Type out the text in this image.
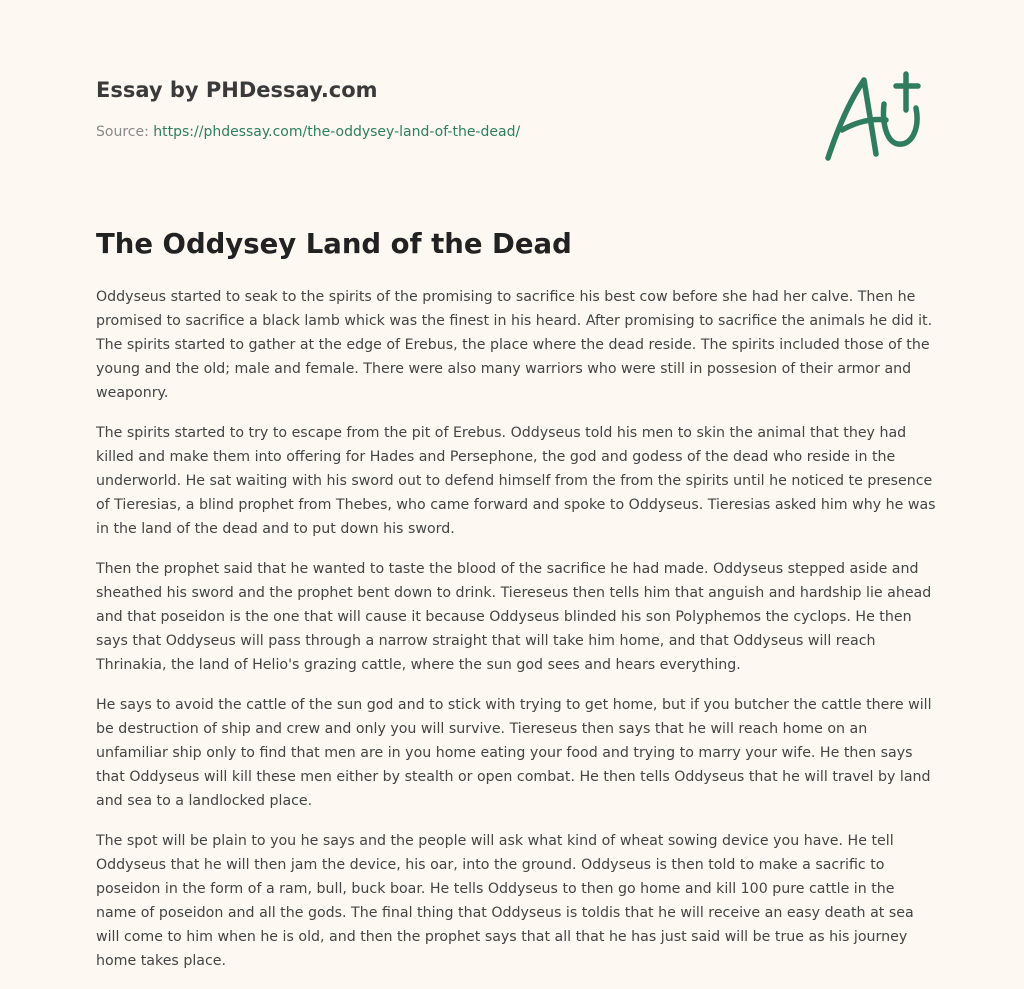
Essay by PHDessay.com
Source: https://phdessay.com/the-oddysey-land-of-the-dead/
The Oddysey Land of the Dead

Oddyseus started to seak to the spirits of the promising to sacrifice his best cow before she had her calve. Then he promised to sacrifice a black lamb whick was the finest in his heard. After promising to sacrifice the animals he did it. The spirits started to gather at the edge of Erebus, the place where the dead reside. The spirits included those of the young and the old; male and female. There were also many warriors who were still in possesion of their armor and weaponry.

The spirits started to try to escape from the pit of Erebus. Oddyseus told his men to skin the animal that they had killed and make them into offering for Hades and Persephone, the god and godess of the dead who reside in the underworld. He sat waiting with his sword out to defend himself from the from the spirits until he noticed te presence of Tieresias, a blind prophet from Thebes, who came forward and spoke to Oddyseus. Tieresias asked him why he was in the land of the dead and to put down his sword.

Then the prophet said that he wanted to taste the blood of the sacrifice he had made. Oddyseus stepped aside and sheathed his sword and the prophet bent down to drink. Tiereseus then tells him that anguish and hardship lie ahead and that poseidon is the one that will cause it because Oddyseus blinded his son Polyphemos the cyclops. He then says that Oddyseus will pass through a narrow straight that will take him home, and that Oddyseus will reach Thrinakia, the land of Helio's grazing cattle, where the sun god sees and hears everything.

He says to avoid the cattle of the sun god and to stick with trying to get home, but if you butcher the cattle there will be destruction of ship and crew and only you will survive. Tiereseus then says that he will reach home on an unfamiliar ship only to find that men are in you home eating your food and trying to marry your wife. He then says that Oddyseus will kill these men either by stealth or open combat. He then tells Oddyseus that he will travel by land and sea to a landlocked place.

The spot will be plain to you he says and the people will ask what kind of wheat sowing device you have. He tell Oddyseus that he will then jam the device, his oar, into the ground. Oddyseus is then told to make a sacrific to poseidon in the form of a ram, bull, buck boar. He tells Oddyseus to then go home and kill 100 pure cattle in the name of poseidon and all the gods. The final thing that Oddyseus is toldis that he will receive an easy death at sea will come to him when he is old, and then the prophet says that all that he has just said will be true as his journey home takes place.
